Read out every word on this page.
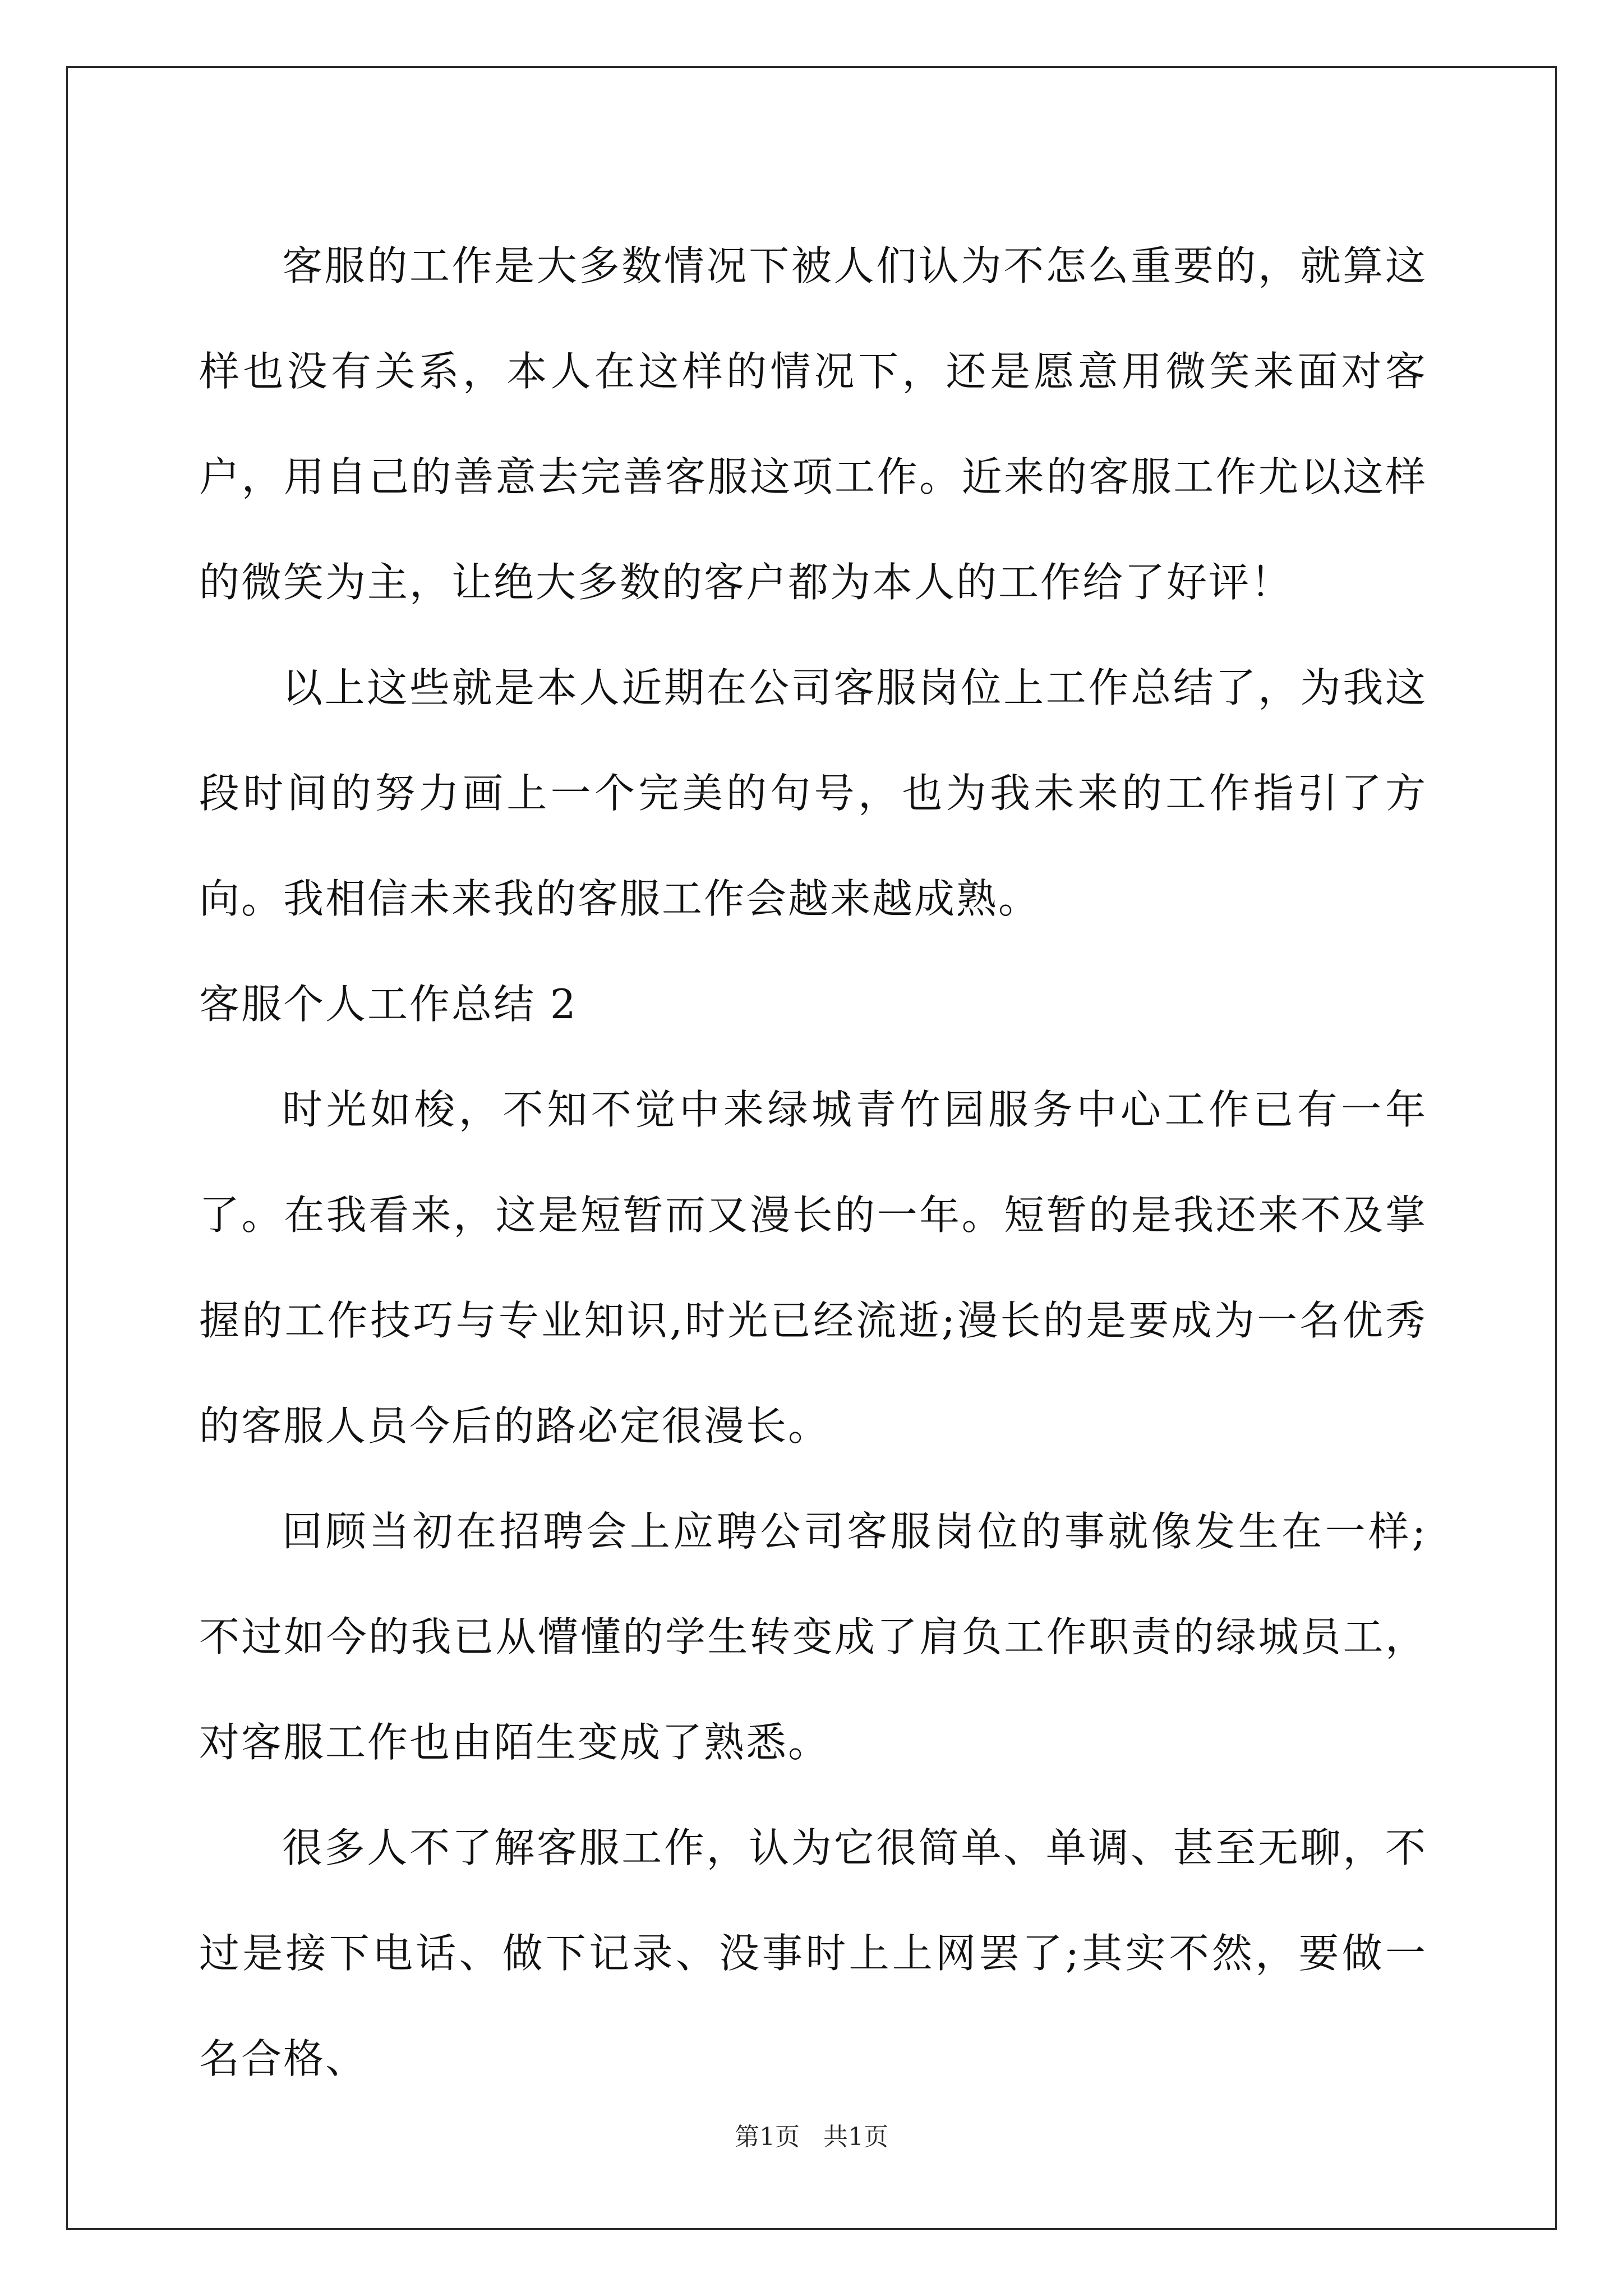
客服的工作是大多数情况下被人们认为不怎么重要的，就算这样也没有关系，本人在这样的情况下，还是愿意用微笑来面对客户，用自己的善意去完善客服这项工作。近来的客服工作尤以这样的微笑为主，让绝大多数的客户都为本人的工作给了好评！

以上这些就是本人近期在公司客服岗位上工作总结了，为我这段时间的努力画上一个完美的句号，也为我未来的工作指引了方向。我相信未来我的客服工作会越来越成熟。

客服个人工作总结 2

时光如梭，不知不觉中来绿城青竹园服务中心工作已有一年了。在我看来，这是短暂而又漫长的一年。短暂的是我还来不及掌握的工作技巧与专业知识,时光已经流逝;漫长的是要成为一名优秀的客服人员今后的路必定很漫长。

回顾当初在招聘会上应聘公司客服岗位的事就像发生在一样;不过如今的我已从懵懂的学生转变成了肩负工作职责的绿城员工，对客服工作也由陌生变成了熟悉。

很多人不了解客服工作，认为它很简单、单调、甚至无聊，不过是接下电话、做下记录、没事时上上网罢了;其实不然，要做一名合格、

第1页 共1页
